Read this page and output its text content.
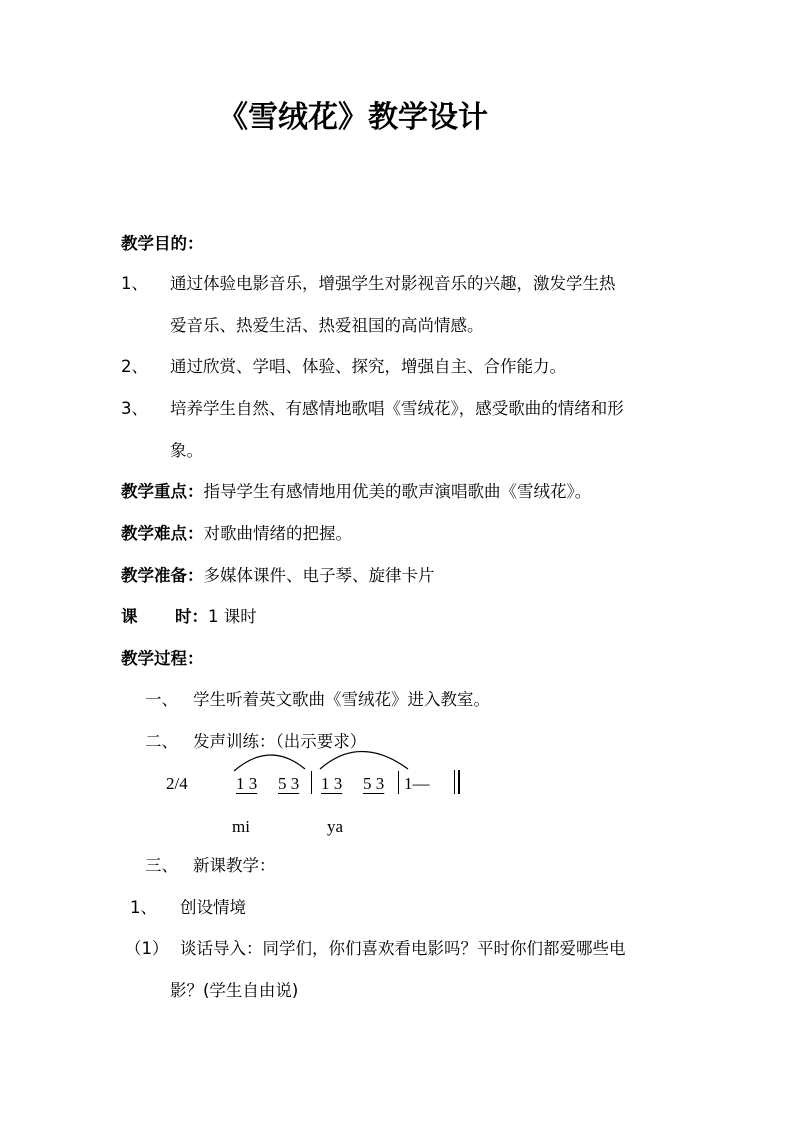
《雪绒花》教学设计
教学目的：
1、 通过体验电影音乐，增强学生对影视音乐的兴趣，激发学生热
爱音乐、热爱生活、热爱祖国的高尚情感。
2、 通过欣赏、学唱、体验、探究，增强自主、合作能力。
3、 培养学生自然、有感情地歌唱《雪绒花》，感受歌曲的情绪和形
象。
教学重点：指导学生有感情地用优美的歌声演唱歌曲《雪绒花》。
教学难点：对歌曲情绪的把握。
教学准备：多媒体课件、电子琴、旋律卡片
课 时：1 课时
教学过程：
一、 学生听着英文歌曲《雪绒花》进入教室。
二、 发声训练：（出示要求）
2/4	1 3 5 3 1 3 5 3 1—
mi	ya
三、 新课教学：
1、 创设情境
（1） 谈话导入：同学们，你们喜欢看电影吗？平时你们都爱哪些电
影？(学生自由说)
